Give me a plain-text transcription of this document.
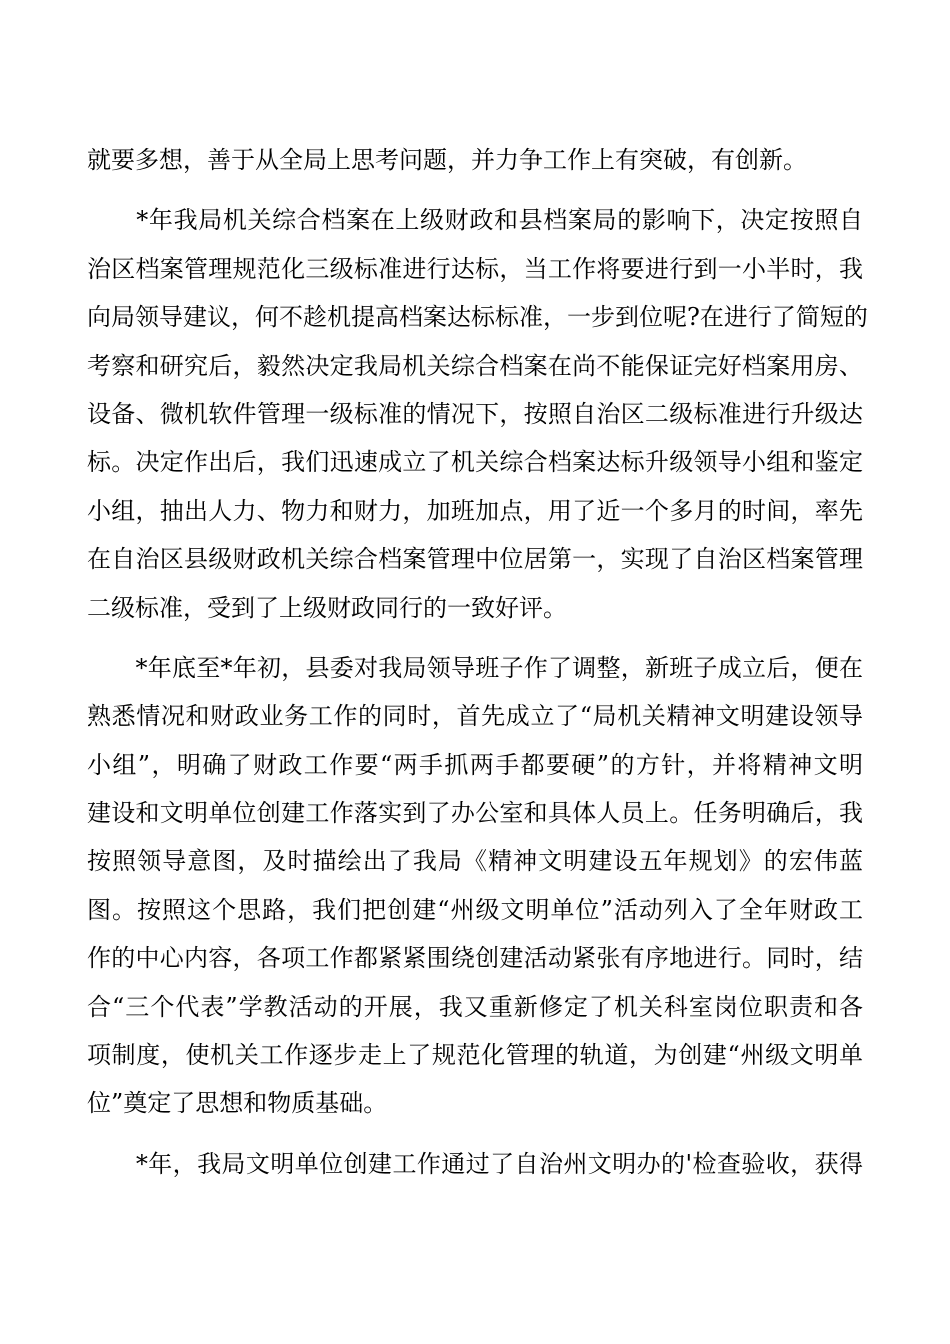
就要多想，善于从全局上思考问题，并力争工作上有突破，有创新。
　　*年我局机关综合档案在上级财政和县档案局的影响下，决定按照自
治区档案管理规范化三级标准进行达标，当工作将要进行到一小半时，我
向局领导建议，何不趁机提高档案达标标准，一步到位呢?在进行了简短的
考察和研究后，毅然决定我局机关综合档案在尚不能保证完好档案用房、
设备、微机软件管理一级标准的情况下，按照自治区二级标准进行升级达
标。决定作出后，我们迅速成立了机关综合档案达标升级领导小组和鉴定
小组，抽出人力、物力和财力，加班加点，用了近一个多月的时间，率先
在自治区县级财政机关综合档案管理中位居第一，实现了自治区档案管理
二级标准，受到了上级财政同行的一致好评。
　　*年底至*年初，县委对我局领导班子作了调整，新班子成立后，便在
熟悉情况和财政业务工作的同时，首先成立了“局机关精神文明建设领导
小组”，明确了财政工作要“两手抓两手都要硬”的方针，并将精神文明
建设和文明单位创建工作落实到了办公室和具体人员上。任务明确后，我
按照领导意图，及时描绘出了我局《精神文明建设五年规划》的宏伟蓝
图。按照这个思路，我们把创建“州级文明单位”活动列入了全年财政工
作的中心内容，各项工作都紧紧围绕创建活动紧张有序地进行。同时，结
合“三个代表”学教活动的开展，我又重新修定了机关科室岗位职责和各
项制度，使机关工作逐步走上了规范化管理的轨道，为创建“州级文明单
位”奠定了思想和物质基础。
　　*年，我局文明单位创建工作通过了自治州文明办的'检查验收，获得
